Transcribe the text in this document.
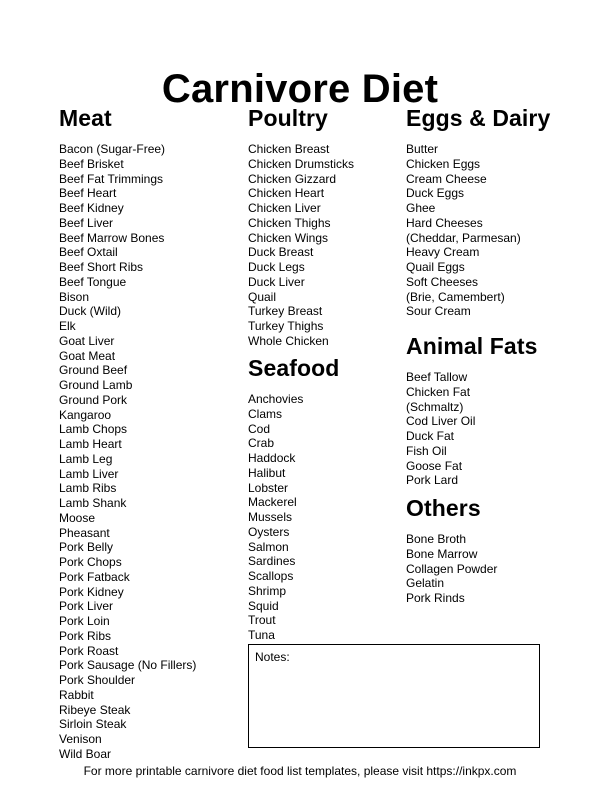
Carnivore Diet
Meat
Bacon (Sugar-Free)
Beef Brisket
Beef Fat Trimmings
Beef Heart
Beef Kidney
Beef Liver
Beef Marrow Bones
Beef Oxtail
Beef Short Ribs
Beef Tongue
Bison
Duck (Wild)
Elk
Goat Liver
Goat Meat
Ground Beef
Ground Lamb
Ground Pork
Kangaroo
Lamb Chops
Lamb Heart
Lamb Leg
Lamb Liver
Lamb Ribs
Lamb Shank
Moose
Pheasant
Pork Belly
Pork Chops
Pork Fatback
Pork Kidney
Pork Liver
Pork Loin
Pork Ribs
Pork Roast
Pork Sausage (No Fillers)
Pork Shoulder
Rabbit
Ribeye Steak
Sirloin Steak
Venison
Wild Boar
Poultry
Chicken Breast
Chicken Drumsticks
Chicken Gizzard
Chicken Heart
Chicken Liver
Chicken Thighs
Chicken Wings
Duck Breast
Duck Legs
Duck Liver
Quail
Turkey Breast
Turkey Thighs
Whole Chicken
Seafood
Anchovies
Clams
Cod
Crab
Haddock
Halibut
Lobster
Mackerel
Mussels
Oysters
Salmon
Sardines
Scallops
Shrimp
Squid
Trout
Tuna
Eggs & Dairy
Butter
Chicken Eggs
Cream Cheese
Duck Eggs
Ghee
Hard Cheeses
(Cheddar, Parmesan)
Heavy Cream
Quail Eggs
Soft Cheeses
(Brie, Camembert)
Sour Cream
Animal Fats
Beef Tallow
Chicken Fat
(Schmaltz)
Cod Liver Oil
Duck Fat
Fish Oil
Goose Fat
Pork Lard
Others
Bone Broth
Bone Marrow
Collagen Powder
Gelatin
Pork Rinds
Notes:
For more printable carnivore diet food list templates, please visit https://inkpx.com
